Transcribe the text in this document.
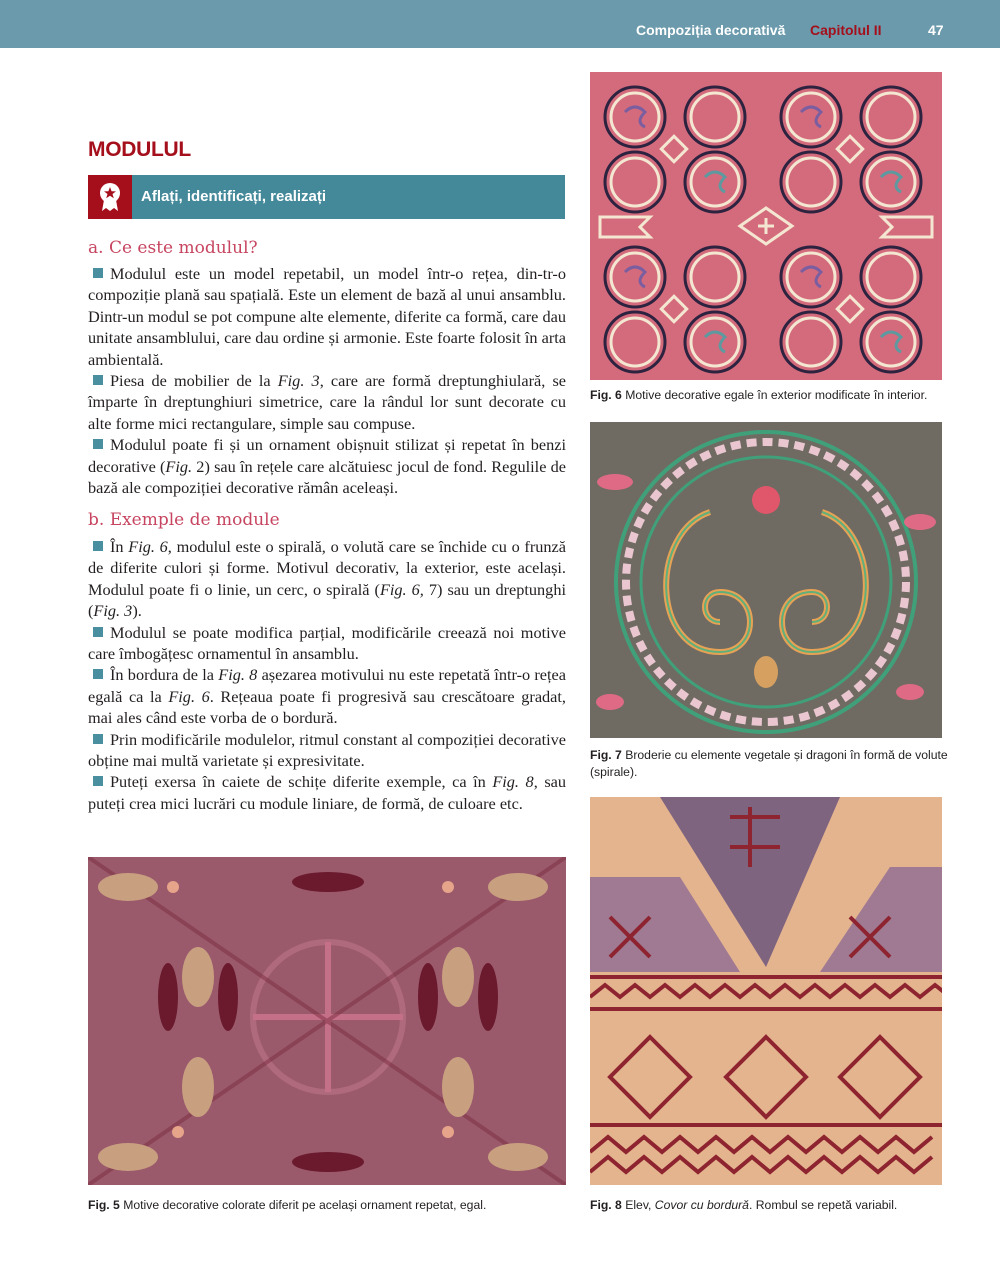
Compoziția decorativă Capitolul II	47
MODULUL
Aflați, identificați, realizați
a. Ce este modulul?

Modulul este un model repetabil, un model într-o rețea, din-tr-o compoziție plană sau spațială. Este un element de bază al unui ansamblu. Dintr-un modul se pot compune alte elemente, diferite ca formă, care dau unitate ansamblului, care dau ordine și armonie. Este foarte folosit în arta ambientală.

Piesa de mobilier de la Fig. 3, care are formă dreptunghiulară, se împarte în dreptunghiuri simetrice, care la rândul lor sunt decorate cu alte forme mici rectangulare, simple sau compuse.

Modulul poate fi și un ornament obișnuit stilizat și repetat în benzi decorative (Fig. 2) sau în rețele care alcătuiesc jocul de fond. Regulile de bază ale compoziției decorative rămân aceleași.

b. Exemple de module

În Fig. 6, modulul este o spirală, o volută care se închide cu o frunză de diferite culori și forme. Motivul decorativ, la exterior, este același. Modulul poate fi o linie, un cerc, o spirală (Fig. 6, 7) sau un dreptunghi (Fig. 3).

Modulul se poate modifica parțial, modificările creează noi motive care îmbogățesc ornamentul în ansamblu.

În bordura de la Fig. 8 așezarea motivului nu este repetată într-o rețea egală ca la Fig. 6. Rețeaua poate fi progresivă sau crescătoare gradat, mai ales când este vorba de o bordură.

Prin modificările modulelor, ritmul constant al compoziției decorative obține mai multă varietate și expresivitate.

Puteți exersa în caiete de schițe diferite exemple, ca în Fig. 8, sau puteți crea mici lucrări cu module liniare, de formă, de culoare etc.

Fig. 6 Motive decorative egale în exterior modificate în interior.
Fig. 7 Broderie cu elemente vegetale și dragoni în formă de volute (spirale).
Fig. 8 Elev, Covor cu bordură. Rombul se repetă variabil.
Fig. 5 Motive decorative colorate diferit pe același ornament repetat, egal.
